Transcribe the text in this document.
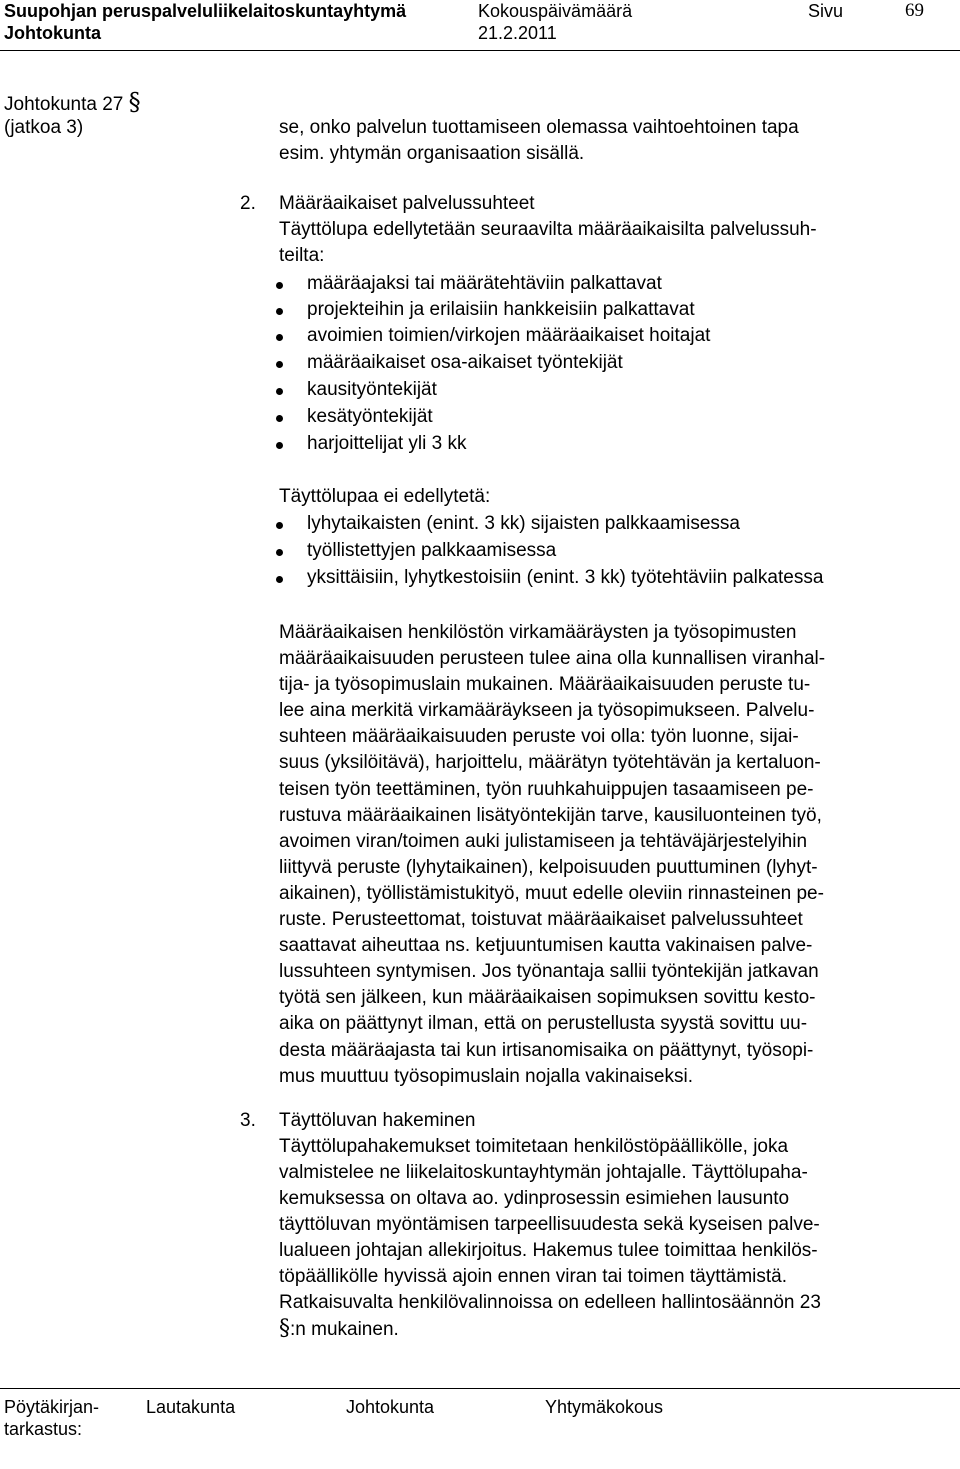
Suupohjan peruspalveluliikelaitoskuntayhtymä	Kokouspäivämäärä	Sivu	69
Johtokunta	21.2.2011
Johtokunta 27 §
(jatkoa 3)	se, onko palvelun tuottamiseen olemassa vaihtoehtoinen tapa
esim. yhtymän organisaation sisällä.
2. Määräaikaiset palvelussuhteet
Täyttölupa edellytetään seuraavilta määräaikaisilta palvelussuh-
teilta:
määräajaksi tai määrätehtäviin palkattavat
projekteihin ja erilaisiin hankkeisiin palkattavat
avoimien toimien/virkojen määräaikaiset hoitajat
määräaikaiset osa-aikaiset työntekijät
kausityöntekijät
kesätyöntekijät
harjoittelijat yli 3 kk
Täyttölupaa ei edellytetä:
lyhytaikaisten (enint. 3 kk) sijaisten palkkaamisessa
työllistettyjen palkkaamisessa
yksittäisiin, lyhytkestoisiin (enint. 3 kk) työtehtäviin palkatessa
Määräaikaisen henkilöstön virkamääräysten ja työsopimusten
määräaikaisuuden perusteen tulee aina olla kunnallisen viranhal-
tija- ja työsopimuslain mukainen. Määräaikaisuuden peruste tu-
lee aina merkitä virkamääräykseen ja työsopimukseen. Palvelu-
suhteen määräaikaisuuden peruste voi olla: työn luonne, sijai-
suus (yksilöitävä), harjoittelu, määrätyn työtehtävän ja kertaluon-
teisen työn teettäminen, työn ruuhkahuippujen tasaamiseen pe-
rustuva määräaikainen lisätyöntekijän tarve, kausiluonteinen työ,
avoimen viran/toimen auki julistamiseen ja tehtäväjärjestelyihin
liittyvä peruste (lyhytaikainen), kelpoisuuden puuttuminen (lyhyt-
aikainen), työllistämistukityö, muut edelle oleviin rinnasteinen pe-
ruste. Perusteettomat, toistuvat määräaikaiset palvelussuhteet
saattavat aiheuttaa ns. ketjuuntumisen kautta vakinaisen palve-
lussuhteen syntymisen. Jos työnantaja sallii työntekijän jatkavan
työtä sen jälkeen, kun määräaikaisen sopimuksen sovittu kesto-
aika on päättynyt ilman, että on perustellusta syystä sovittu uu-
desta määräajasta tai kun irtisanomisaika on päättynyt, työsopi-
mus muuttuu työsopimuslain nojalla vakinaiseksi.
3. Täyttöluvan hakeminen
Täyttölupahakemukset toimitetaan henkilöstöpäällikölle, joka
valmistelee ne liikelaitoskuntayhtymän johtajalle. Täyttölupaha-
kemuksessa on oltava ao. ydinprosessin esimiehen lausunto
täyttöluvan myöntämisen tarpeellisuudesta sekä kyseisen palve-
lualueen johtajan allekirjoitus. Hakemus tulee toimittaa henkilös-
töpäällikölle hyvissä ajoin ennen viran tai toimen täyttämistä.
Ratkaisuvalta henkilövalinnoissa on edelleen hallintosäännön 23
§:n mukainen.
Pöytäkirjan-
tarkastus:
Lautakunta	Johtokunta	Yhtymäkokous
